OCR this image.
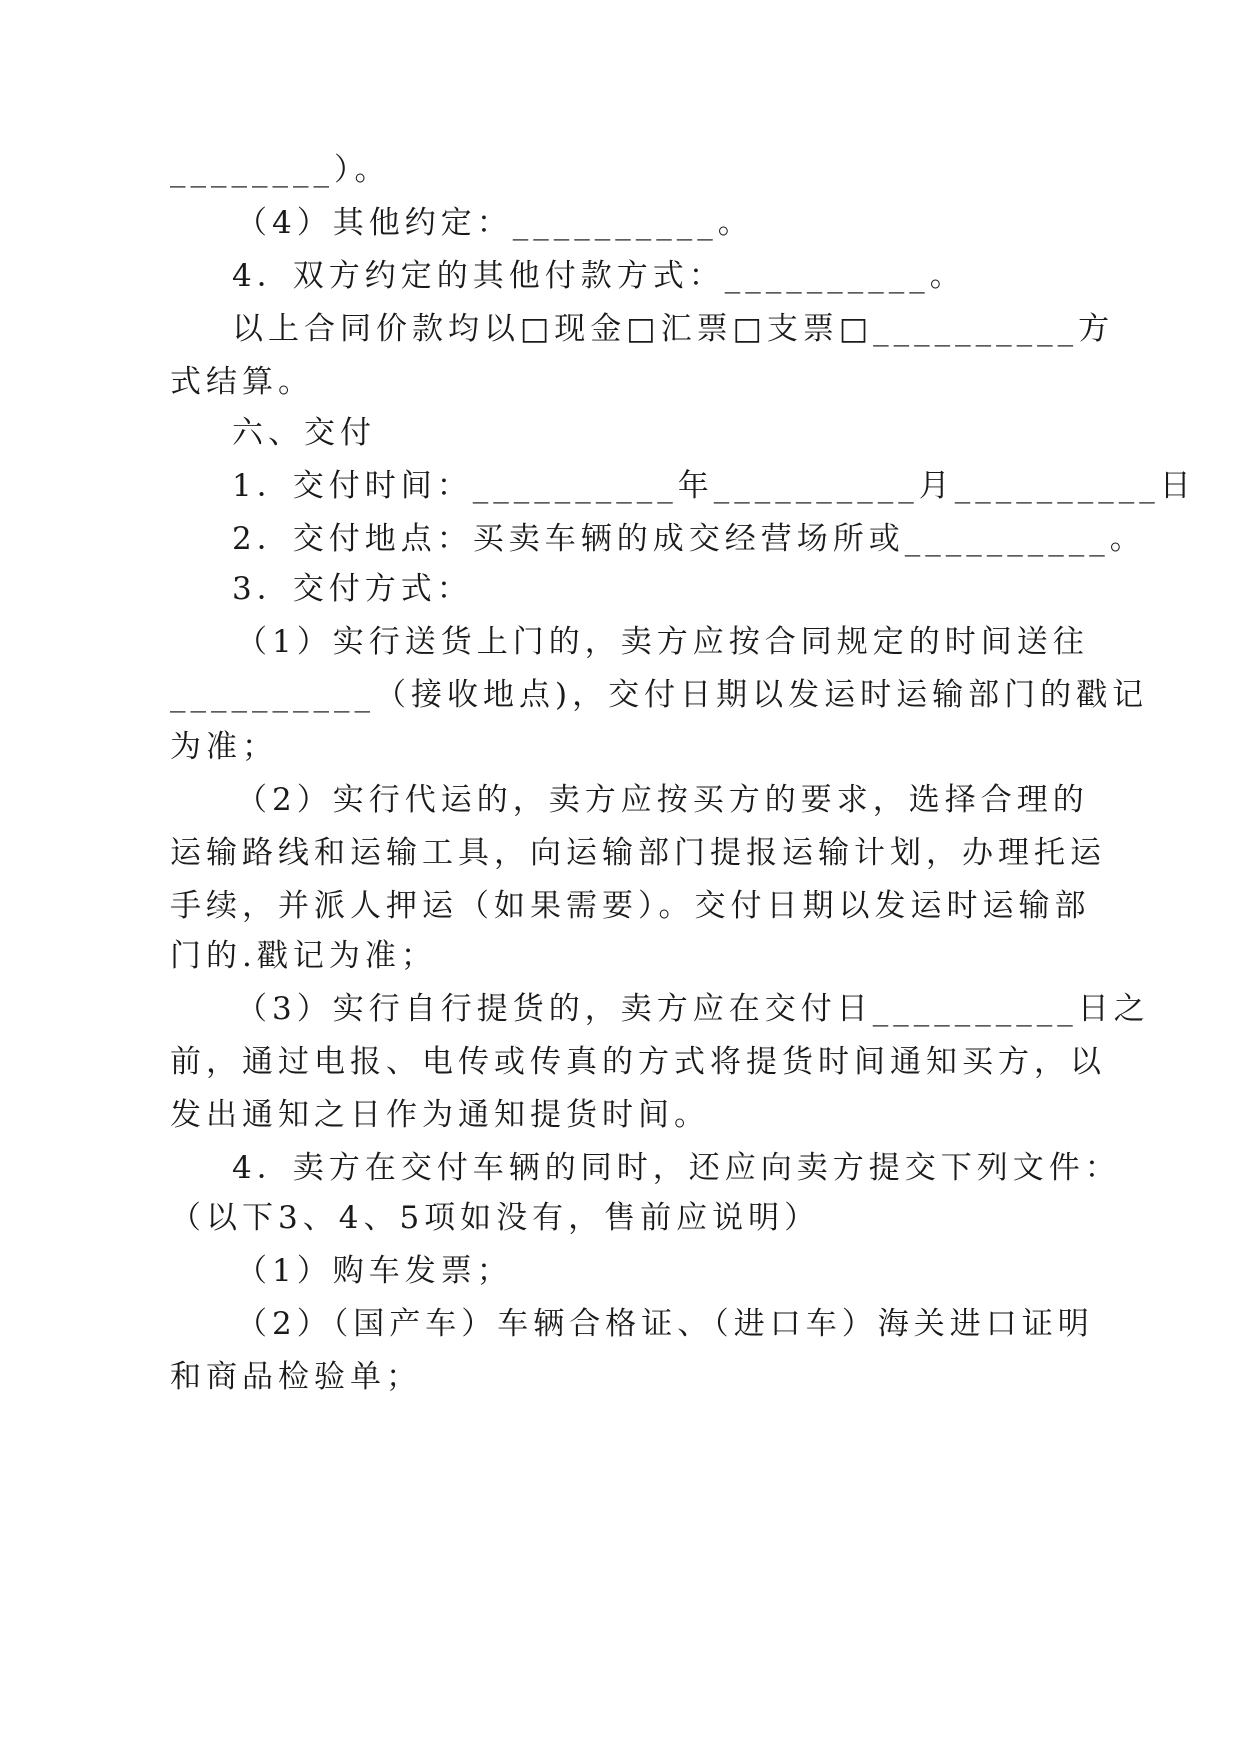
________）。
（4）其他约定：__________。
4．双方约定的其他付款方式：__________。
以上合同价款均以□现金□汇票□支票□__________方
式结算。
六、交付
1．交付时间：__________年__________月__________日
2．交付地点：买卖车辆的成交经营场所或__________。
3．交付方式：
（1）实行送货上门的，卖方应按合同规定的时间送往
__________（接收地点)，交付日期以发运时运输部门的戳记
为准；
（2）实行代运的，卖方应按买方的要求，选择合理的
运输路线和运输工具，向运输部门提报运输计划，办理托运
手续，并派人押运（如果需要）。交付日期以发运时运输部
门的.戳记为准；
（3）实行自行提货的，卖方应在交付日__________日之
前，通过电报、电传或传真的方式将提货时间通知买方，以
发出通知之日作为通知提货时间。
4．卖方在交付车辆的同时，还应向卖方提交下列文件：
（以下3、4、5项如没有，售前应说明）
（1）购车发票；
（2）（国产车）车辆合格证、（进口车）海关进口证明
和商品检验单；
